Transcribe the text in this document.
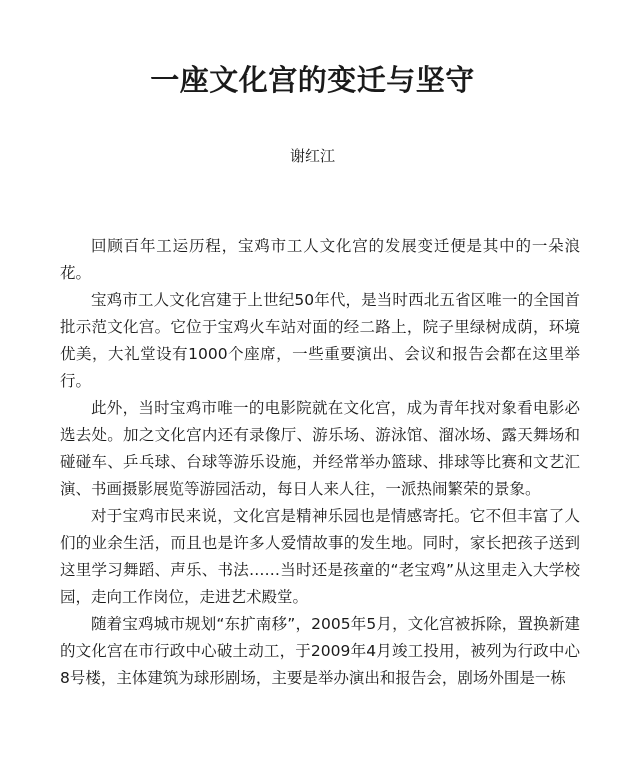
一座文化宫的变迁与坚守
谢红江

回顾百年工运历程，宝鸡市工人文化宫的发展变迁便是其中的一朵浪花。

宝鸡市工人文化宫建于上世纪50年代，是当时西北五省区唯一的全国首批示范文化宫。它位于宝鸡火车站对面的经二路上，院子里绿树成荫，环境优美，大礼堂设有1000个座席，一些重要演出、会议和报告会都在这里举行。

此外，当时宝鸡市唯一的电影院就在文化宫，成为青年找对象看电影必选去处。加之文化宫内还有录像厅、游乐场、游泳馆、溜冰场、露天舞场和碰碰车、乒乓球、台球等游乐设施，并经常举办篮球、排球等比赛和文艺汇演、书画摄影展览等游园活动，每日人来人往，一派热闹繁荣的景象。

对于宝鸡市民来说，文化宫是精神乐园也是情感寄托。它不但丰富了人们的业余生活，而且也是许多人爱情故事的发生地。同时，家长把孩子送到这里学习舞蹈、声乐、书法……当时还是孩童的“老宝鸡”从这里走入大学校园，走向工作岗位，走进艺术殿堂。

随着宝鸡城市规划“东扩南移”，2005年5月，文化宫被拆除，置换新建的文化宫在市行政中心破土动工，于2009年4月竣工投用，被列为行政中心8号楼，主体建筑为球形剧场，主要是举办演出和报告会，剧场外围是一栋
